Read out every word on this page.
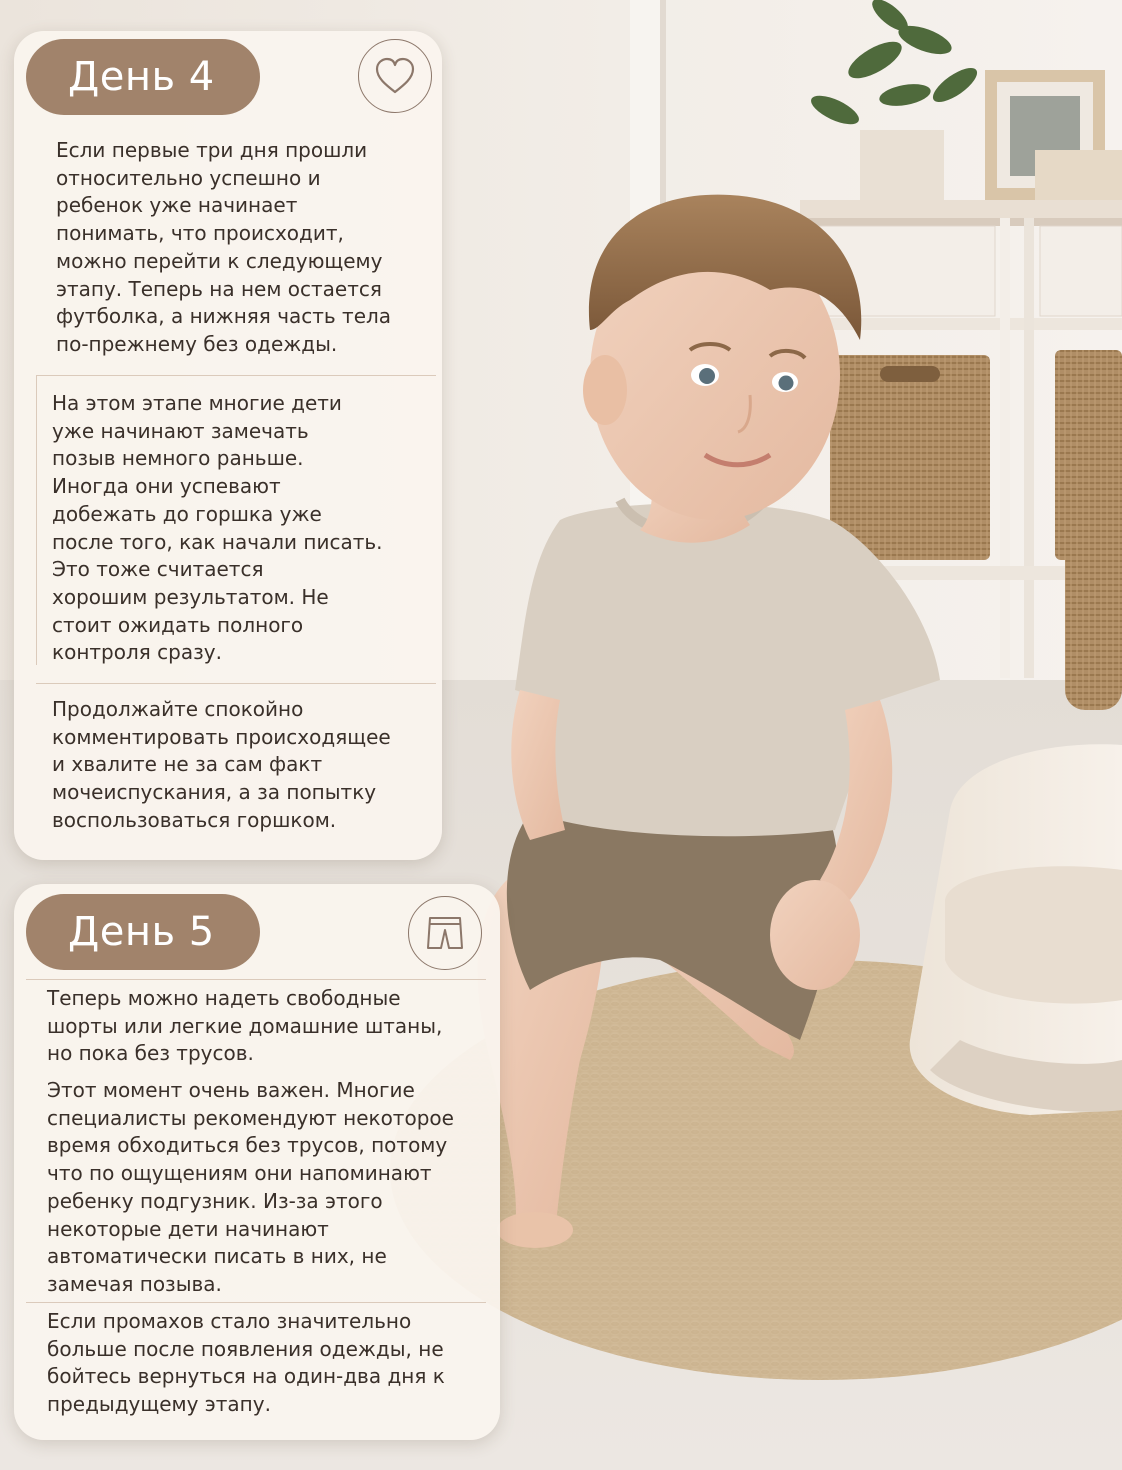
День 4

Если первые три дня прошли
относительно успешно и
ребенок уже начинает
понимать, что происходит,
можно перейти к следующему
этапу. Теперь на нем остается
футболка, а нижняя часть тела
по-прежнему без одежды.

На этом этапе многие дети
уже начинают замечать
позыв немного раньше.
Иногда они успевают
добежать до горшка уже
после того, как начали писать.
Это тоже считается
хорошим результатом. Не
стоит ожидать полного
контроля сразу.

Продолжайте спокойно
комментировать происходящее
и хвалите не за сам факт
мочеиспускания, а за попытку
воспользоваться горшком.

День 5

Теперь можно надеть свободные
шорты или легкие домашние штаны,
но пока без трусов.

Этот момент очень важен. Многие
специалисты рекомендуют некоторое
время обходиться без трусов, потому
что по ощущениям они напоминают
ребенку подгузник. Из-за этого
некоторые дети начинают
автоматически писать в них, не
замечая позыва.

Если промахов стало значительно
больше после появления одежды, не
бойтесь вернуться на один-два дня к
предыдущему этапу.
